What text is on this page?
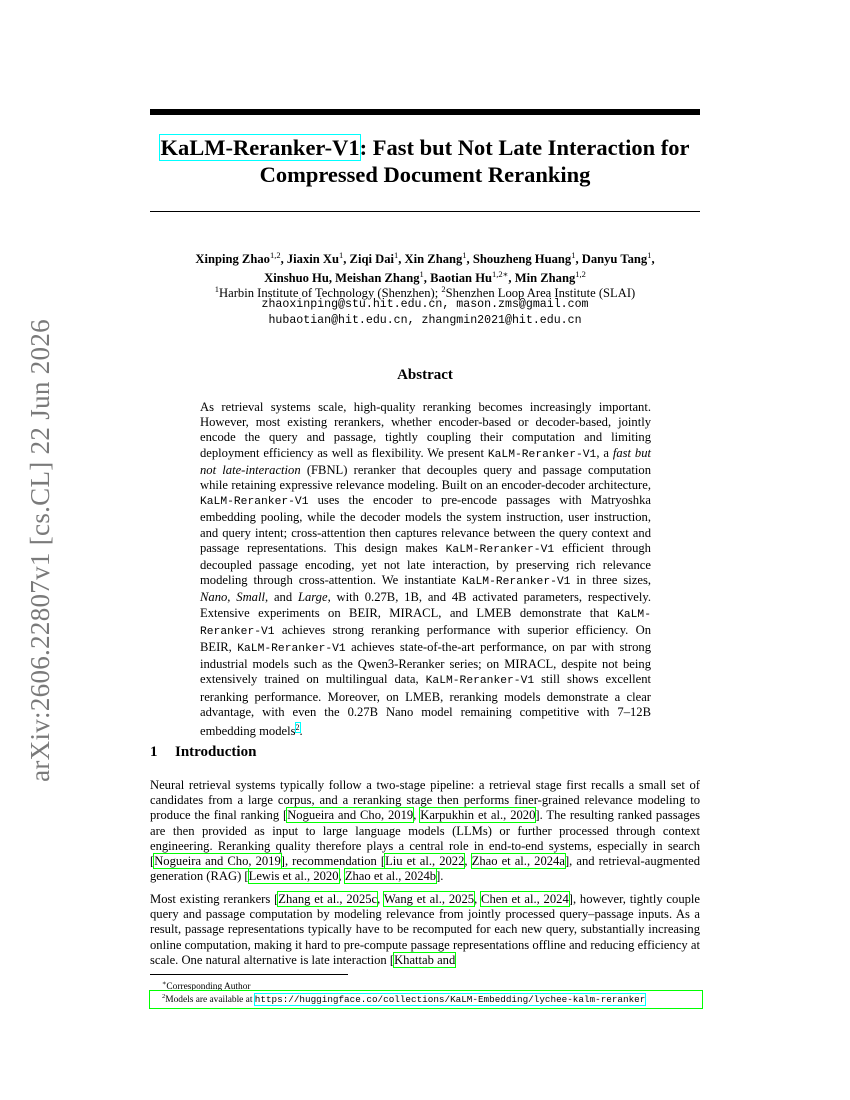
arXiv:2606.22807v1 [cs.CL] 22 Jun 2026
KaLM-Reranker-V1: Fast but Not Late Interaction for
Compressed Document Reranking
Xinping Zhao$^{1,2}$, Jiaxin Xu$^1$, Ziqi Dai$^1$, Xin Zhang$^1$, Shouzheng Huang$^1$, Danyu Tang$^1$,
Xinshuo Hu, Meishan Zhang$^1$, Baotian $Hu^{1,2∗}$, Min Zhang$^{1,2}$
$^1$Harbin Institute of Technology (Shenzhen); $^2$Shenzhen Loop Area Institute (SLAI)
zhaoxinping@stu.hit.edu.cn, mason.zms@gmail.com
hubaotian@hit.edu.cn, zhangmin2021@hit.edu.cn
Abstract
As retrieval systems scale, high-quality reranking becomes increasingly important. However, most existing rerankers, whether encoder-based or decoder-based, jointly encode the query and passage, tightly coupling their computation and limiting deployment efficiency as well as flexibility. We present KaLM-Reranker-V1, a fast but not late-interaction (FBNL) reranker that decouples query and passage computation while retaining expressive relevance modeling. Built on an encoder-decoder architecture, KaLM-Reranker-V1 uses the encoder to pre-encode passages with Matryoshka embedding pooling, while the decoder models the system instruction, user instruction, and query intent; cross-attention then captures relevance between the query context and passage representations. This design makes KaLM-Reranker-V1 efficient through decoupled passage encoding, yet not late interaction, by preserving rich relevance modeling through cross-attention. We instantiate KaLM-Reranker-V1 in three sizes, Nano, Small, and Large, with 0.27B, 1B, and 4B activated parameters, respectively. Extensive experiments on BEIR, MIRACL, and LMEB demonstrate that KaLM-Reranker-V1 achieves strong reranking performance with superior efficiency. On BEIR, KaLM-Reranker-V1 achieves state-of-the-art performance, on par with strong industrial models such as the Qwen3-Reranker series; on MIRACL, despite not being extensively trained on multilingual data, KaLM-Reranker-V1 still shows excellent reranking performance. Moreover, on LMEB, reranking models demonstrate a clear advantage, with even the 0.27B Nano model remaining competitive with 7–12B embedding models$^2$.
1 Introduction
Neural retrieval systems typically follow a two-stage pipeline: a retrieval stage first recalls a small set of candidates from a large corpus, and a reranking stage then performs finer-grained relevance modeling to produce the final ranking [Nogueira and Cho, 2019, Karpukhin et al., 2020]. The resulting ranked passages are then provided as input to large language models (LLMs) or further processed through context engineering. Reranking quality therefore plays a central role in end-to-end systems, especially in search [Nogueira and Cho, 2019], recommendation [Liu et al., 2022, Zhao et al., 2024a], and retrieval-augmented generation (RAG) [Lewis et al., 2020, Zhao et al., 2024b].
Most existing rerankers [Zhang et al., 2025c, Wang et al., 2025, Chen et al., 2024], however, tightly couple query and passage computation by modeling relevance from jointly processed query–passage inputs. As a result, passage representations typically have to be recomputed for each new query, substantially increasing online computation, making it hard to pre-compute passage representations offline and reducing efficiency at scale. One natural alternative is late interaction [Khattab and
∗Corresponding Author
$^2$Models are available at https://huggingface.co/collections/KaLM-Embedding/lychee-kalm-reranker
